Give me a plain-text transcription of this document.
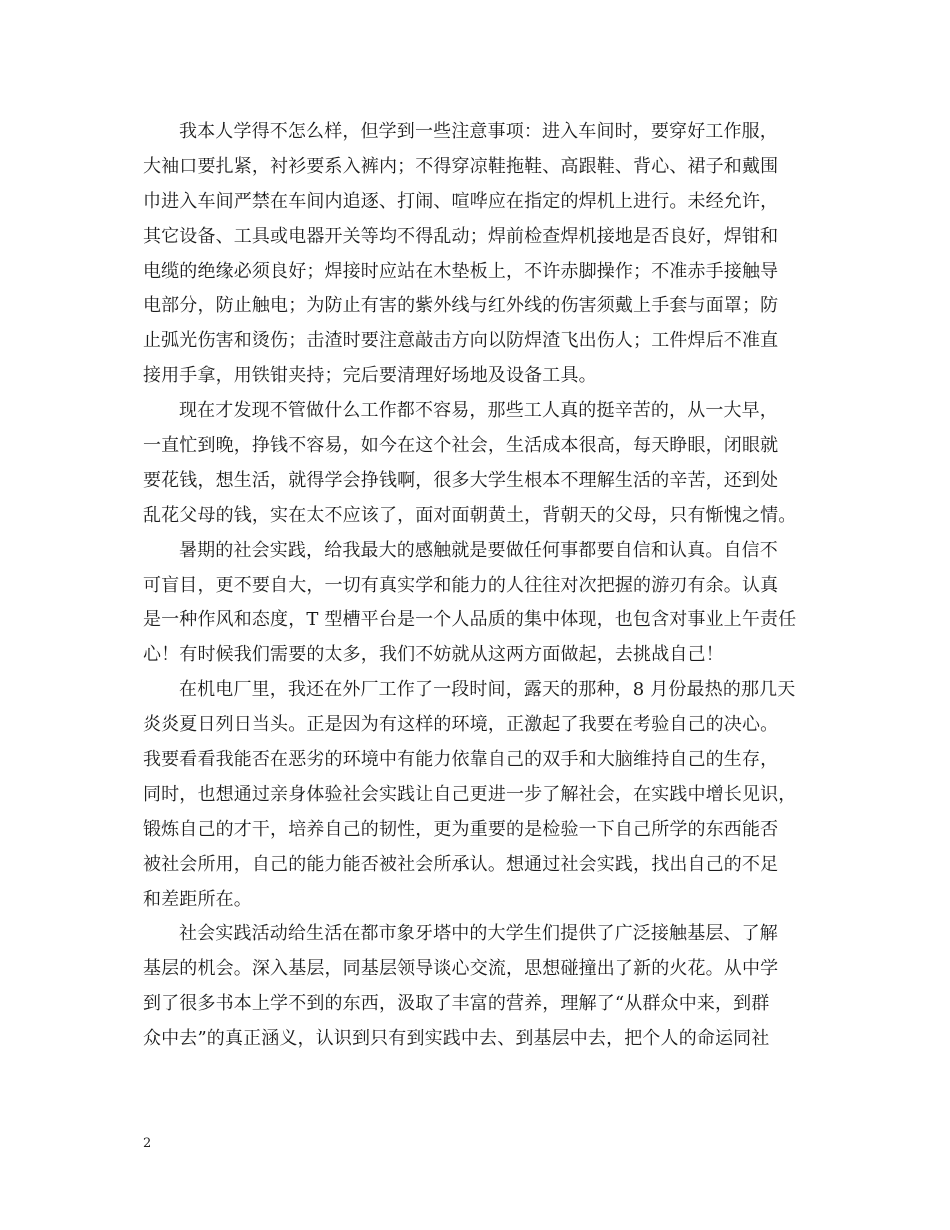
我本人学得不怎么样，但学到一些注意事项：进入车间时，要穿好工作服，
大袖口要扎紧，衬衫要系入裤内；不得穿凉鞋拖鞋、高跟鞋、背心、裙子和戴围
巾进入车间严禁在车间内追逐、打闹、喧哗应在指定的焊机上进行。未经允许，
其它设备、工具或电器开关等均不得乱动；焊前检查焊机接地是否良好，焊钳和
电缆的绝缘必须良好；焊接时应站在木垫板上，不许赤脚操作；不准赤手接触导
电部分，防止触电；为防止有害的紫外线与红外线的伤害须戴上手套与面罩；防
止弧光伤害和烫伤；击渣时要注意敲击方向以防焊渣飞出伤人；工件焊后不准直
接用手拿，用铁钳夹持；完后要清理好场地及设备工具。
现在才发现不管做什么工作都不容易，那些工人真的挺辛苦的，从一大早，
一直忙到晚，挣钱不容易，如今在这个社会，生活成本很高，每天睁眼，闭眼就
要花钱，想生活，就得学会挣钱啊，很多大学生根本不理解生活的辛苦，还到处
乱花父母的钱，实在太不应该了，面对面朝黄土，背朝天的父母，只有惭愧之情。
暑期的社会实践，给我最大的感触就是要做任何事都要自信和认真。自信不
可盲目，更不要自大，一切有真实学和能力的人往往对次把握的游刃有余。认真
是一种作风和态度，T 型槽平台是一个人品质的集中体现，也包含对事业上午责任
心！有时候我们需要的太多，我们不妨就从这两方面做起，去挑战自己！
在机电厂里，我还在外厂工作了一段时间，露天的那种，8 月份最热的那几天
炎炎夏日列日当头。正是因为有这样的环境，正激起了我要在考验自己的决心。
我要看看我能否在恶劣的环境中有能力依靠自己的双手和大脑维持自己的生存，
同时，也想通过亲身体验社会实践让自己更进一步了解社会，在实践中增长见识，
锻炼自己的才干，培养自己的韧性，更为重要的是检验一下自己所学的东西能否
被社会所用，自己的能力能否被社会所承认。想通过社会实践，找出自己的不足
和差距所在。
社会实践活动给生活在都市象牙塔中的大学生们提供了广泛接触基层、了解
基层的机会。深入基层，同基层领导谈心交流，思想碰撞出了新的火花。从中学
到了很多书本上学不到的东西，汲取了丰富的营养，理解了“从群众中来，到群
众中去”的真正涵义，认识到只有到实践中去、到基层中去，把个人的命运同社
2
